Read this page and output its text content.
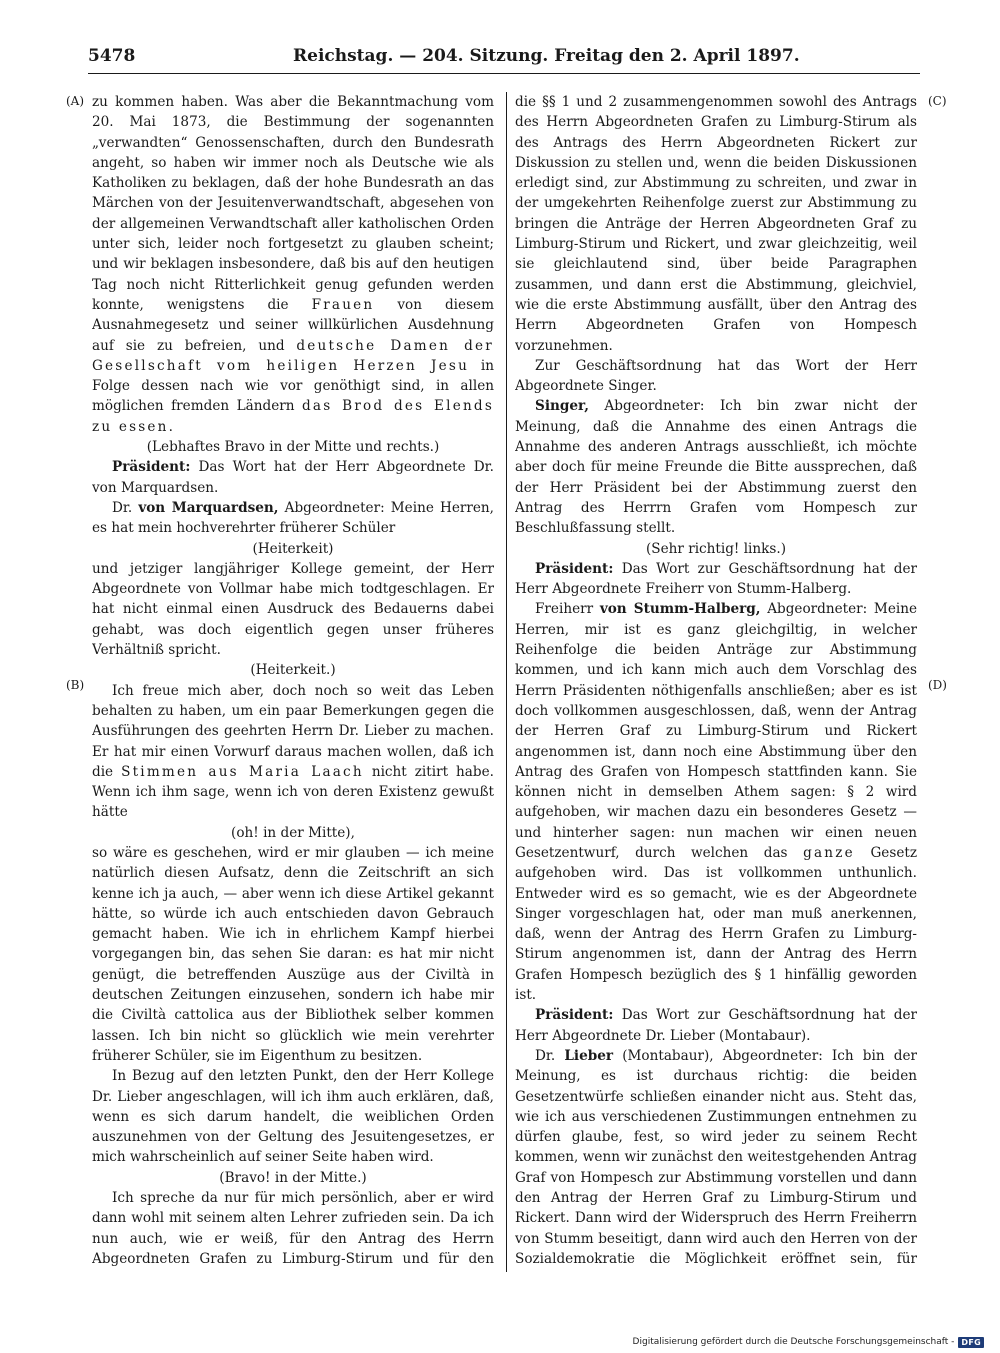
5478	Reichstag. — 204. Sitzung. Freitag den 2. April 1897.
(A)
(B)
(C)
(D)

zu kommen haben. Was aber die Bekanntmachung vom 20. Mai 1873, die Bestimmung der sogenannten „verwandten“ Genossenschaften, durch den Bundesrath angeht, so haben wir immer noch als Deutsche wie als Katholiken zu beklagen, daß der hohe Bundesrath an das Märchen von der Jesuitenverwandtschaft, abgesehen von der allgemeinen Verwandtschaft aller katholischen Orden unter sich, leider noch fortgesetzt zu glauben scheint; und wir beklagen insbesondere, daß bis auf den heutigen Tag noch nicht Ritterlichkeit genug gefunden werden konnte, wenigstens die Frauen von diesem Ausnahmegesetz und seiner willkürlichen Ausdehnung auf sie zu befreien, und deutsche Damen der Gesellschaft vom heiligen Herzen Jesu in Folge dessen nach wie vor genöthigt sind, in allen möglichen fremden Ländern das Brod des Elends zu essen.

(Lebhaftes Bravo in der Mitte und rechts.)

Präsident: Das Wort hat der Herr Abgeordnete Dr. von Marquardsen.

Dr. von Marquardsen, Abgeordneter: Meine Herren, es hat mein hochverehrter früherer Schüler

(Heiterkeit)

und jetziger langjähriger Kollege gemeint, der Herr Abgeordnete von Vollmar habe mich todtgeschlagen. Er hat nicht einmal einen Ausdruck des Bedauerns dabei gehabt, was doch eigentlich gegen unser früheres Verhältniß spricht.

(Heiterkeit.)

Ich freue mich aber, doch noch so weit das Leben behalten zu haben, um ein paar Bemerkungen gegen die Ausführungen des geehrten Herrn Dr. Lieber zu machen. Er hat mir einen Vorwurf daraus machen wollen, daß ich die Stimmen aus Maria Laach nicht zitirt habe. Wenn ich ihm sage, wenn ich von deren Existenz gewußt hätte

(oh! in der Mitte),

so wäre es geschehen, wird er mir glauben — ich meine natürlich diesen Aufsatz, denn die Zeitschrift an sich kenne ich ja auch, — aber wenn ich diese Artikel gekannt hätte, so würde ich auch entschieden davon Gebrauch gemacht haben. Wie ich in ehrlichem Kampf hierbei vorgegangen bin, das sehen Sie daran: es hat mir nicht genügt, die betreffenden Auszüge aus der Civiltà in deutschen Zeitungen einzusehen, sondern ich habe mir die Civiltà cattolica aus der Bibliothek selber kommen lassen. Ich bin nicht so glücklich wie mein verehrter früherer Schüler, sie im Eigenthum zu besitzen.

In Bezug auf den letzten Punkt, den der Herr Kollege Dr. Lieber angeschlagen, will ich ihm auch erklären, daß, wenn es sich darum handelt, die weiblichen Orden auszunehmen von der Geltung des Jesuitengesetzes, er mich wahrscheinlich auf seiner Seite haben wird.

(Bravo! in der Mitte.)

Ich spreche da nur für mich persönlich, aber er wird dann wohl mit seinem alten Lehrer zufrieden sein. Da ich nun auch, wie er weiß, für den Antrag des Herrn Abgeordneten Grafen zu Limburg-Stirum und für den

die §§ 1 und 2 zusammengenommen sowohl des Antrags des Herrn Abgeordneten Grafen zu Limburg-Stirum als des Antrags des Herrn Abgeordneten Rickert zur Diskussion zu stellen und, wenn die beiden Diskussionen erledigt sind, zur Abstimmung zu schreiten, und zwar in der umgekehrten Reihenfolge zuerst zur Abstimmung zu bringen die Anträge der Herren Abgeordneten Graf zu Limburg-Stirum und Rickert, und zwar gleichzeitig, weil sie gleichlautend sind, über beide Paragraphen zusammen, und dann erst die Abstimmung, gleichviel, wie die erste Abstimmung ausfällt, über den Antrag des Herrn Abgeordneten Grafen von Hompesch vorzunehmen.

Zur Geschäftsordnung hat das Wort der Herr Abgeordnete Singer.

Singer, Abgeordneter: Ich bin zwar nicht der Meinung, daß die Annahme des einen Antrags die Annahme des anderen Antrags ausschließt, ich möchte aber doch für meine Freunde die Bitte aussprechen, daß der Herr Präsident bei der Abstimmung zuerst den Antrag des Herrrn Grafen vom Hompesch zur Beschlußfassung stellt.

(Sehr richtig! links.)

Präsident: Das Wort zur Geschäftsordnung hat der Herr Abgeordnete Freiherr von Stumm-Halberg.

Freiherr von Stumm-Halberg, Abgeordneter: Meine Herren, mir ist es ganz gleichgiltig, in welcher Reihenfolge die beiden Anträge zur Abstimmung kommen, und ich kann mich auch dem Vorschlag des Herrn Präsidenten nöthigenfalls anschließen; aber es ist doch vollkommen ausgeschlossen, daß, wenn der Antrag der Herren Graf zu Limburg-Stirum und Rickert angenommen ist, dann noch eine Abstimmung über den Antrag des Grafen von Hompesch stattfinden kann. Sie können nicht in demselben Athem sagen: § 2 wird aufgehoben, wir machen dazu ein besonderes Gesetz — und hinterher sagen: nun machen wir einen neuen Gesetzentwurf, durch welchen das ganze Gesetz aufgehoben wird. Das ist vollkommen unthunlich. Entweder wird es so gemacht, wie es der Abgeordnete Singer vorgeschlagen hat, oder man muß anerkennen, daß, wenn der Antrag des Herrn Grafen zu Limburg-Stirum angenommen ist, dann der Antrag des Herrn Grafen Hompesch bezüglich des § 1 hinfällig geworden ist.

Präsident: Das Wort zur Geschäftsordnung hat der Herr Abgeordnete Dr. Lieber (Montabaur).

Dr. Lieber (Montabaur), Abgeordneter: Ich bin der Meinung, es ist durchaus richtig: die beiden Gesetzentwürfe schließen einander nicht aus. Steht das, wie ich aus verschiedenen Zustimmungen entnehmen zu dürfen glaube, fest, so wird jeder zu seinem Recht kommen, wenn wir zunächst den weitestgehenden Antrag Graf von Hompesch zur Abstimmung vorstellen und dann den Antrag der Herren Graf zu Limburg-Stirum und Rickert. Dann wird der Widerspruch des Herrn Freiherrn von Stumm beseitigt, dann wird auch den Herren von der Sozialdemokratie die Möglichkeit eröffnet sein, für

Digitalisierung gefördert durch die Deutsche Forschungsgemeinschaft - DFG
